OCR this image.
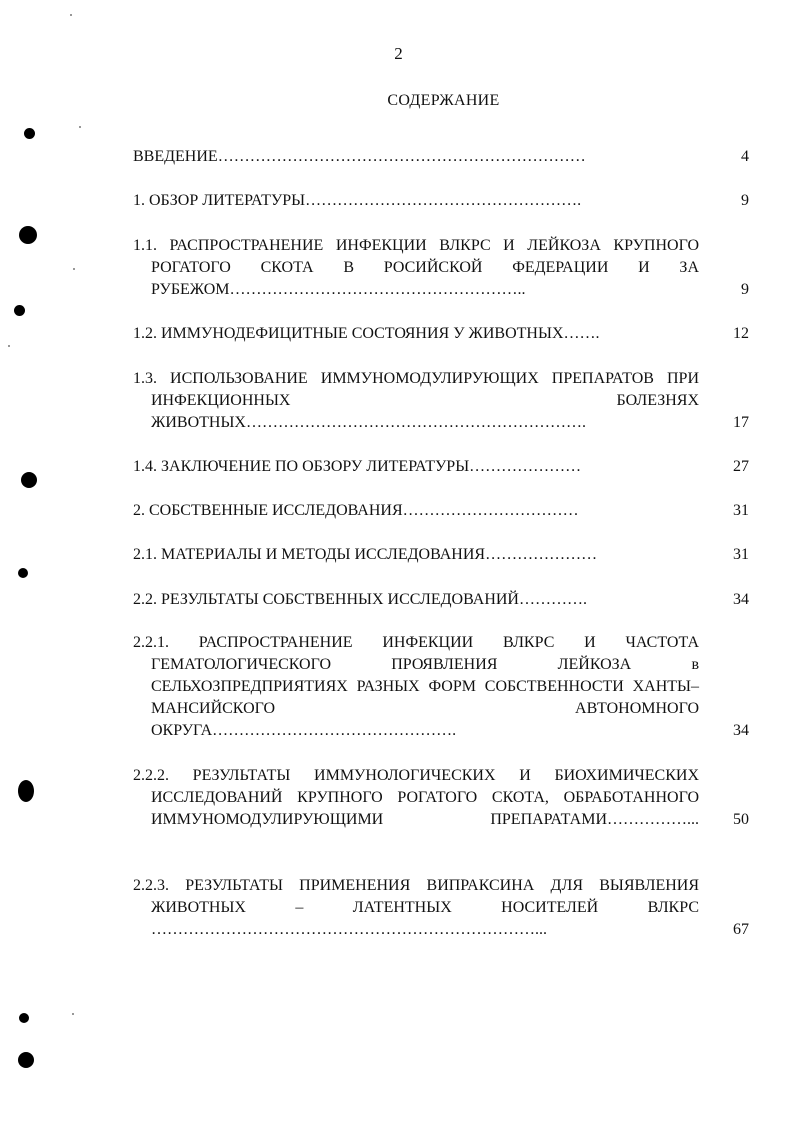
2
СОДЕРЖАНИЕ
ВВЕДЕНИЕ……………………………………………………………	4
1. ОБЗОР ЛИТЕРАТУРЫ…………………………………………….	9
1.1. РАСПРОСТРАНЕНИЕ ИНФЕКЦИИ ВЛКРС И ЛЕЙКОЗА КРУПНОГО РОГАТОГО СКОТА В РОСИЙСКОЙ ФЕДЕРАЦИИ И ЗА РУБЕЖОМ………………………………………………..	9
1.2. ИММУНОДЕФИЦИТНЫЕ СОСТОЯНИЯ У ЖИВОТНЫХ…….	12
1.3. ИСПОЛЬЗОВАНИЕ ИММУНОМОДУЛИРУЮЩИХ ПРЕПАРАТОВ ПРИ ИНФЕКЦИОННЫХ БОЛЕЗНЯХ ЖИВОТНЫХ……………………………………………………….	17
1.4. ЗАКЛЮЧЕНИЕ ПО ОБЗОРУ ЛИТЕРАТУРЫ…………………	27
2. СОБСТВЕННЫЕ ИССЛЕДОВАНИЯ……………………………	31
2.1. МАТЕРИАЛЫ И МЕТОДЫ ИССЛЕДОВАНИЯ…………………	31
2.2. РЕЗУЛЬТАТЫ СОБСТВЕННЫХ ИССЛЕДОВАНИЙ………….	34
2.2.1. РАСПРОСТРАНЕНИЕ ИНФЕКЦИИ ВЛКРС И ЧАСТОТА ГЕМАТОЛОГИЧЕСКОГО ПРОЯВЛЕНИЯ ЛЕЙКОЗА в СЕЛЬХОЗПРЕДПРИЯТИЯХ РАЗНЫХ ФОРМ СОБСТВЕННОСТИ ХАНТЫ–МАНСИЙСКОГО АВТОНОМНОГО ОКРУГА……………………………………….	34
2.2.2. РЕЗУЛЬТАТЫ ИММУНОЛОГИЧЕСКИХ И БИОХИМИЧЕСКИХ ИССЛЕДОВАНИЙ КРУПНОГО РОГАТОГО СКОТА, ОБРАБОТАННОГО ИММУНОМОДУЛИРУЮЩИМИ ПРЕПАРАТАМИ……………...	50
2.2.3. РЕЗУЛЬТАТЫ ПРИМЕНЕНИЯ ВИПРАКСИНА ДЛЯ ВЫЯВЛЕНИЯ ЖИВОТНЫХ – ЛАТЕНТНЫХ НОСИТЕЛЕЙ ВЛКРС ………………………………………………………………...	67
